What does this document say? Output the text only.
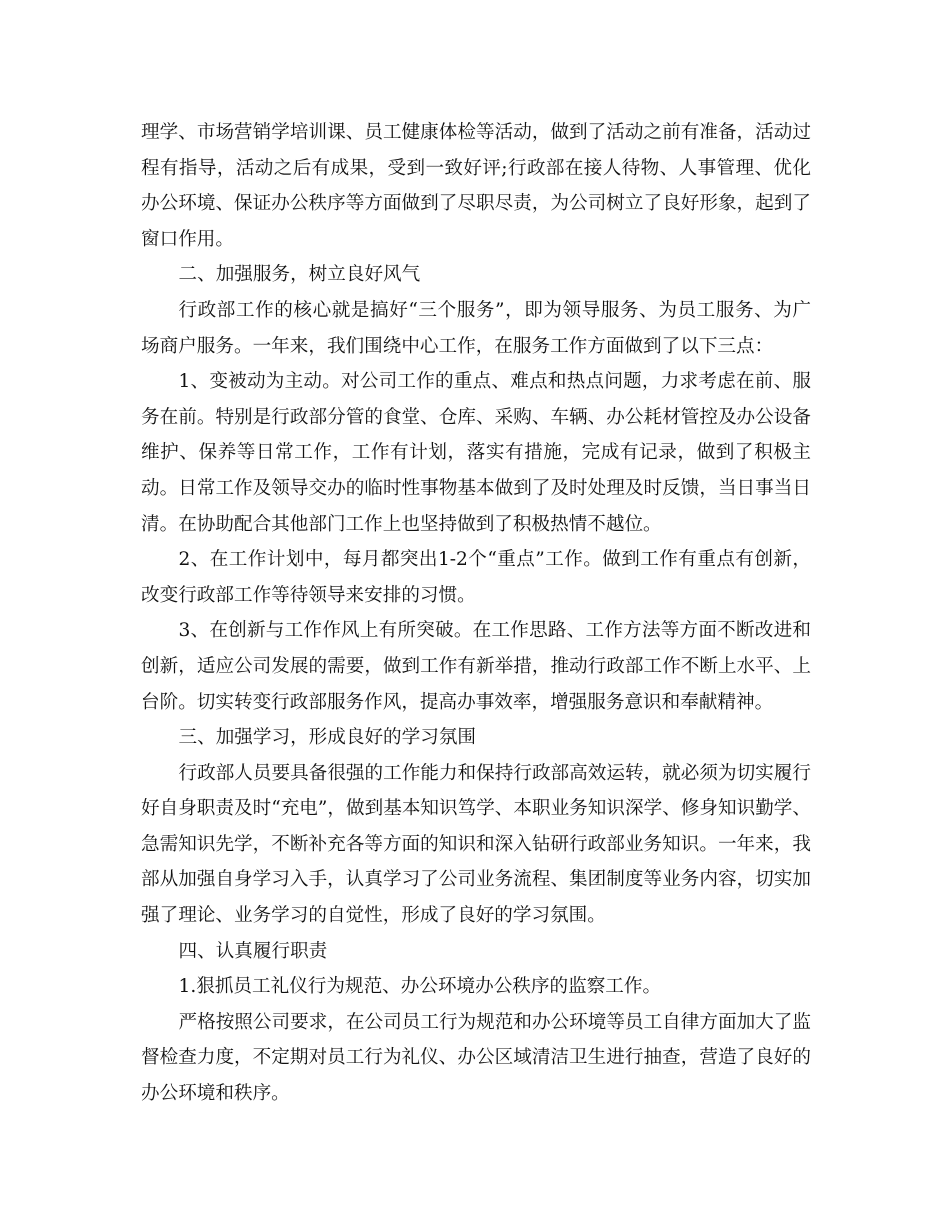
理学、市场营销学培训课、员工健康体检等活动，做到了活动之前有准备，活动过程有指导，活动之后有成果，受到一致好评;行政部在接人待物、人事管理、优化办公环境、保证办公秩序等方面做到了尽职尽责，为公司树立了良好形象，起到了窗口作用。

二、加强服务，树立良好风气

行政部工作的核心就是搞好“三个服务”，即为领导服务、为员工服务、为广场商户服务。一年来，我们围绕中心工作，在服务工作方面做到了以下三点：

1、变被动为主动。对公司工作的重点、难点和热点问题，力求考虑在前、服务在前。特别是行政部分管的食堂、仓库、采购、车辆、办公耗材管控及办公设备维护、保养等日常工作，工作有计划，落实有措施，完成有记录，做到了积极主动。日常工作及领导交办的临时性事物基本做到了及时处理及时反馈，当日事当日清。在协助配合其他部门工作上也坚持做到了积极热情不越位。

2、在工作计划中，每月都突出1-2个“重点”工作。做到工作有重点有创新，改变行政部工作等待领导来安排的习惯。

3、在创新与工作作风上有所突破。在工作思路、工作方法等方面不断改进和创新，适应公司发展的需要，做到工作有新举措，推动行政部工作不断上水平、上台阶。切实转变行政部服务作风，提高办事效率，增强服务意识和奉献精神。

三、加强学习，形成良好的学习氛围

行政部人员要具备很强的工作能力和保持行政部高效运转，就必须为切实履行好自身职责及时“充电”，做到基本知识笃学、本职业务知识深学、修身知识勤学、急需知识先学，不断补充各等方面的知识和深入钻研行政部业务知识。一年来，我部从加强自身学习入手，认真学习了公司业务流程、集团制度等业务内容，切实加强了理论、业务学习的自觉性，形成了良好的学习氛围。

四、认真履行职责

1.狠抓员工礼仪行为规范、办公环境办公秩序的监察工作。

严格按照公司要求，在公司员工行为规范和办公环境等员工自律方面加大了监督检查力度，不定期对员工行为礼仪、办公区域清洁卫生进行抽查，营造了良好的办公环境和秩序。
